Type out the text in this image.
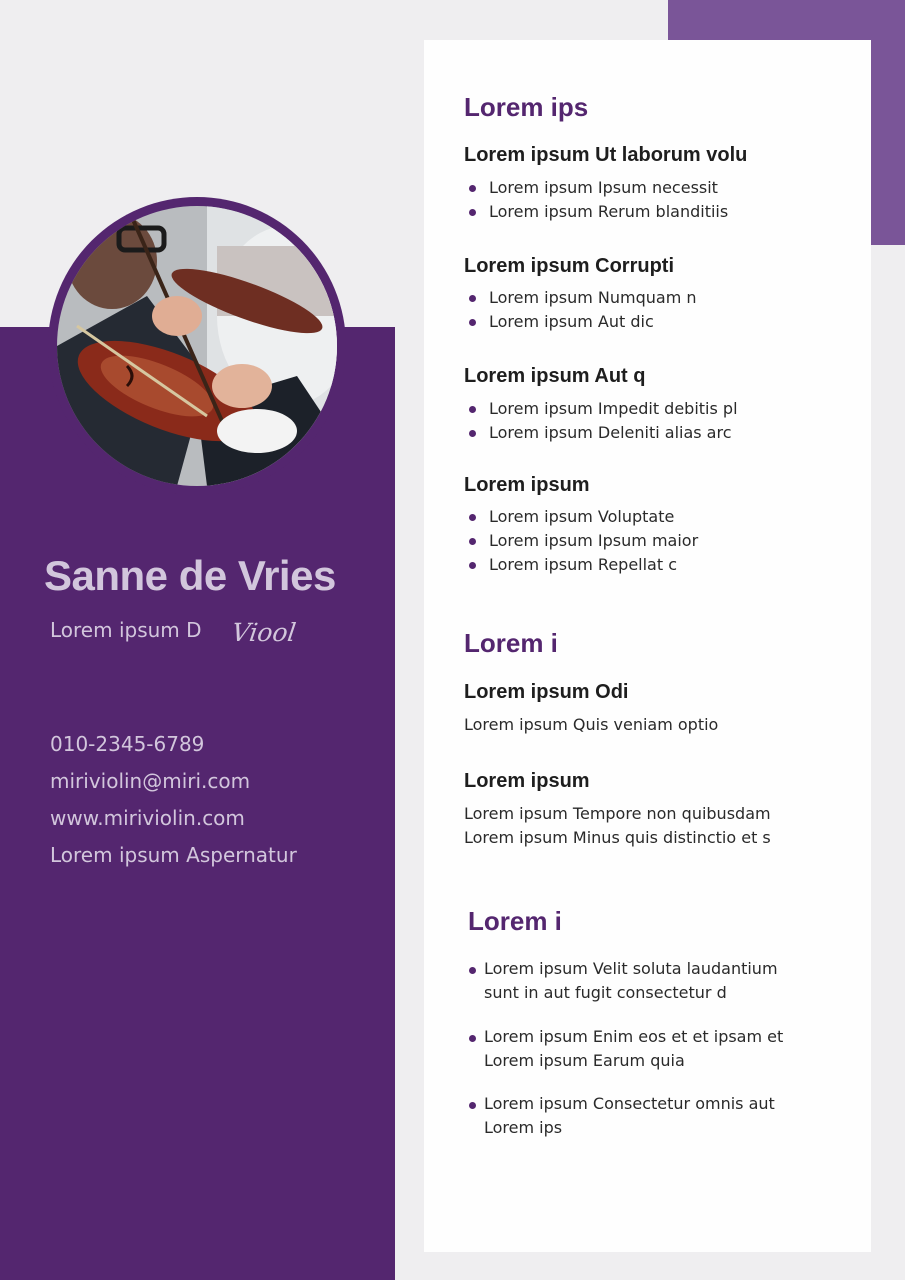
Sanne de Vries
Lorem ipsum D Viool
010-2345-6789
miriviolin@miri.com
www.miriviolin.com
Lorem ipsum Aspernatur
Lorem ips
Lorem ipsum Ut laborum volu
Lorem ipsum Ipsum necessit
Lorem ipsum Rerum blanditiis
Lorem ipsum Corrupti
Lorem ipsum Numquam n
Lorem ipsum Aut dic
Lorem ipsum Aut q
Lorem ipsum Impedit debitis pl
Lorem ipsum Deleniti alias arc
Lorem ipsum
Lorem ipsum Voluptate
Lorem ipsum Ipsum maior
Lorem ipsum Repellat c
Lorem i
Lorem ipsum Odi
Lorem ipsum Quis veniam optio
Lorem ipsum
Lorem ipsum Tempore non quibusdam
Lorem ipsum Minus quis distinctio et s
Lorem i
Lorem ipsum Velit soluta laudantium
sunt in aut fugit consectetur d
Lorem ipsum Enim eos et et ipsam et
Lorem ipsum Earum quia
Lorem ipsum Consectetur omnis aut
Lorem ips
